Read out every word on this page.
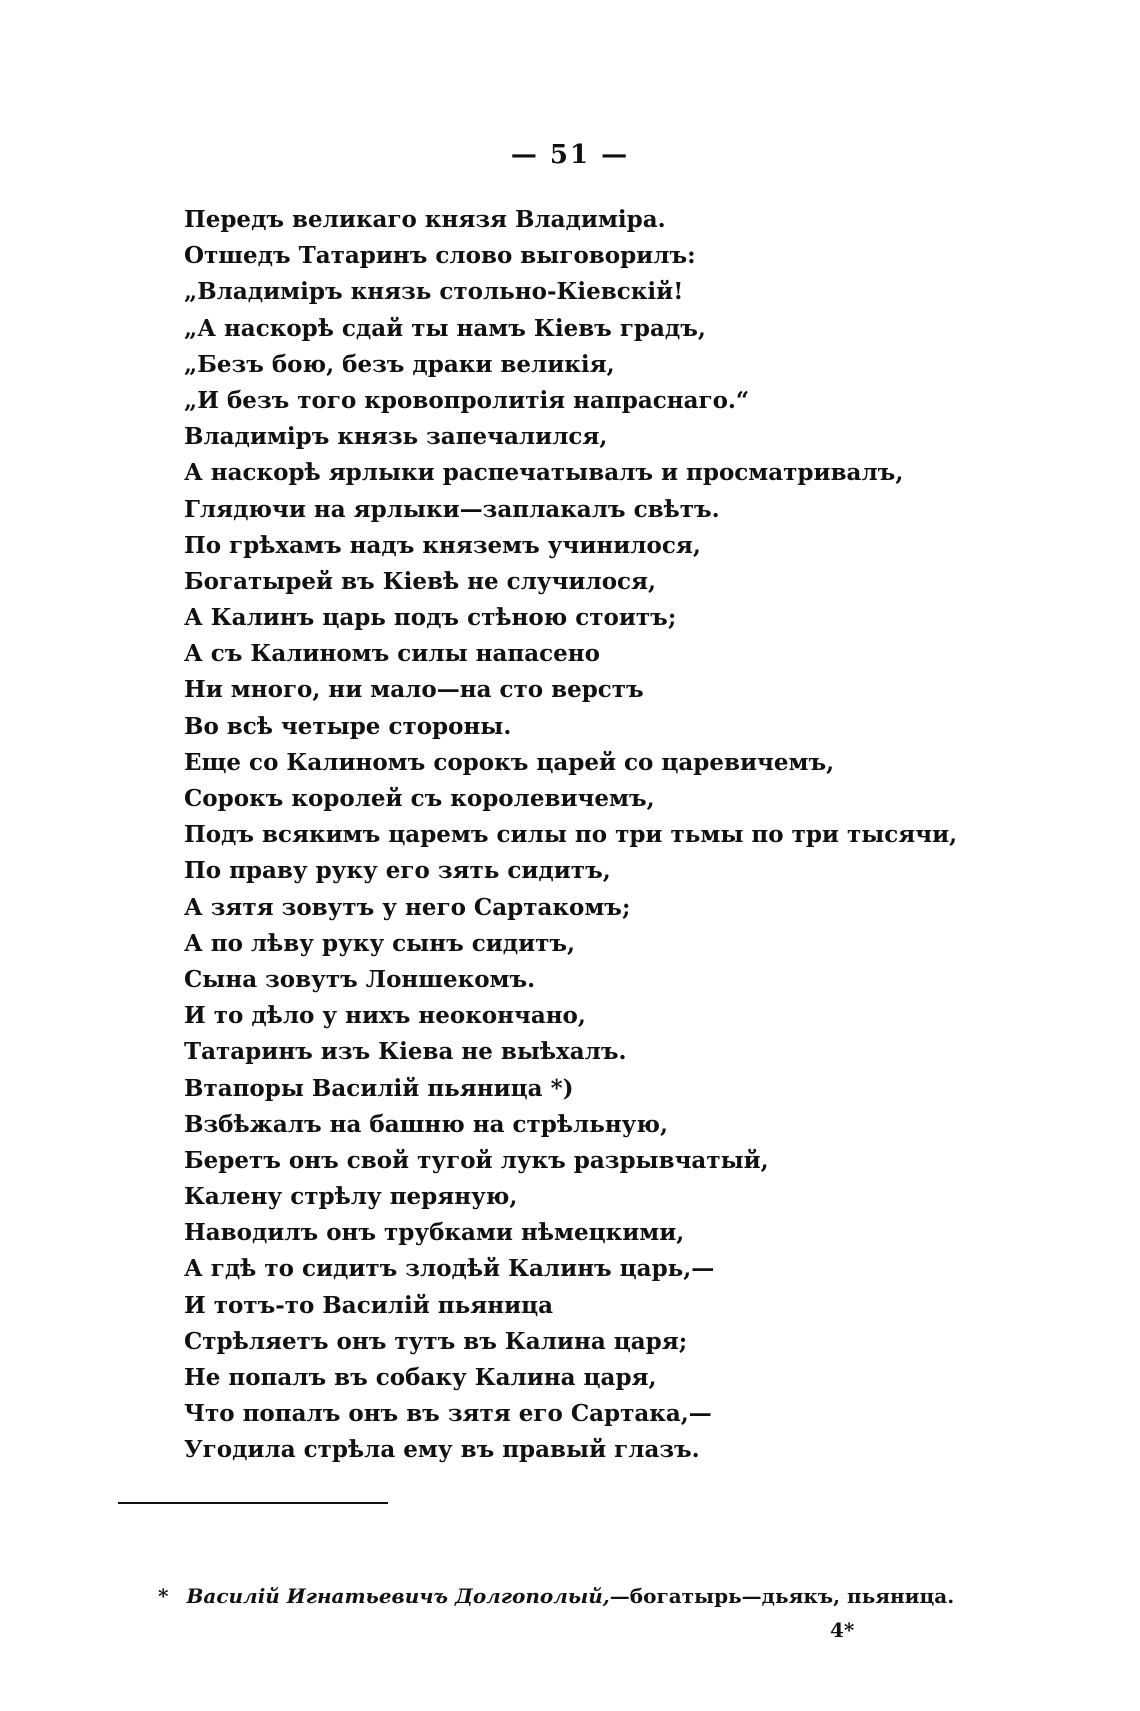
— 51 —
Передъ великаго князя Владиміра.
Отшедъ Татаринъ слово выговорилъ:
„Владиміръ князь стольно-Кіевскій!
„А наскорѣ сдай ты намъ Кіевъ градъ,
„Безъ бою, безъ драки великія,
„И безъ того кровопролитія напраснаго.“
Владиміръ князь запечалился,
А наскорѣ ярлыки распечатывалъ и просматривалъ,
Глядючи на ярлыки—заплакалъ свѣтъ.
По грѣхамъ надъ княземъ учинилося,
Богатырей въ Кіевѣ не случилося,
А Калинъ царь подъ стѣною стоитъ;
А съ Калиномъ силы напасено
Ни много, ни мало—на сто верстъ
Во всѣ четыре стороны.
Еще со Калиномъ сорокъ царей со царевичемъ,
Сорокъ королей съ королевичемъ,
Подъ всякимъ царемъ силы по три тьмы по три тысячи,
По праву руку его зять сидитъ,
А зятя зовутъ у него Сартакомъ;
А по лѣву руку сынъ сидитъ,
Сына зовутъ Лоншекомъ.
И то дѣло у нихъ неокончано,
Татаринъ изъ Кіева не выѣхалъ.
Втапоры Василій пьяница *)
Взбѣжалъ на башню на стрѣльную,
Беретъ онъ свой тугой лукъ разрывчатый,
Калену стрѣлу перяную,
Наводилъ онъ трубками нѣмецкими,
А гдѣ то сидитъ злодѣй Калинъ царь,—
И тотъ-то Василій пьяница
Стрѣляетъ онъ тутъ въ Калина царя;
Не попалъ въ собаку Калина царя,
Что попалъ онъ въ зятя его Сартака,—
Угодила стрѣла ему въ правый глазъ.
* Василій Игнатьевичъ Долгополый,—богатырь—дьякъ, пьяница.
4*
